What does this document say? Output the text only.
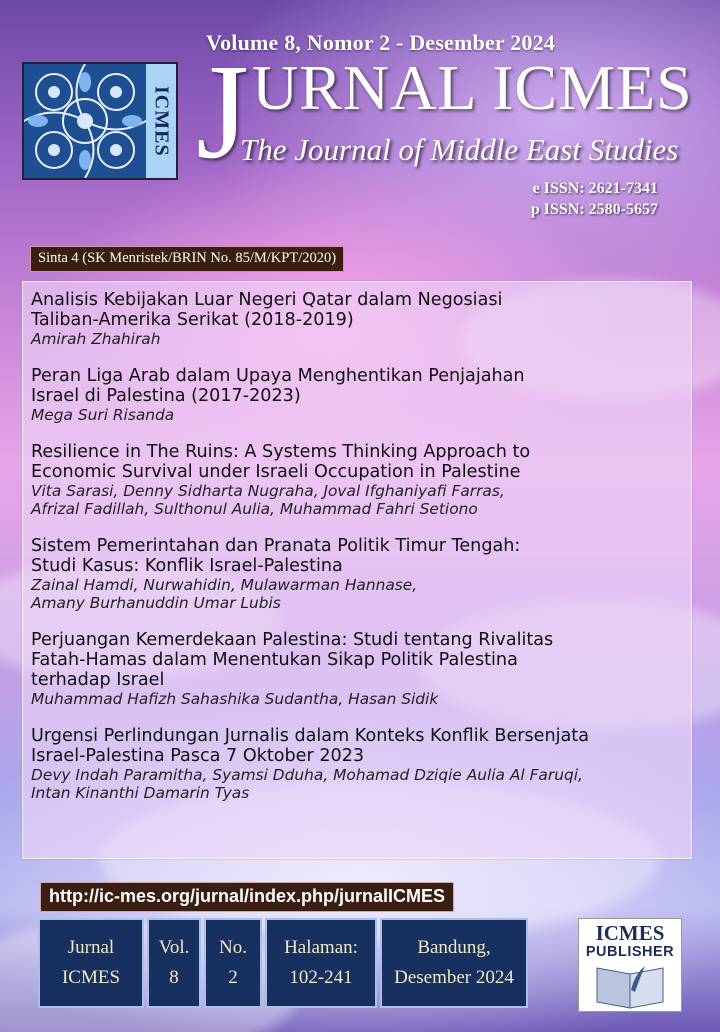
Volume 8, Nomor 2 - Desember 2024
ICMES J URNAL ICMES
The Journal of Middle East Studies
e ISSN: 2621-7341
p ISSN: 2580-5657
Sinta 4 (SK Menristek/BRIN No. 85/M/KPT/2020)
Analisis Kebijakan Luar Negeri Qatar dalam Negosiasi
Taliban-Amerika Serikat (2018-2019)
Amirah Zhahirah
Peran Liga Arab dalam Upaya Menghentikan Penjajahan
Israel di Palestina (2017-2023)
Mega Suri Risanda
Resilience in The Ruins: A Systems Thinking Approach to
Economic Survival under Israeli Occupation in Palestine
Vita Sarasi, Denny Sidharta Nugraha, Joval Ifghaniyafi Farras,
Afrizal Fadillah, Sulthonul Aulia, Muhammad Fahri Setiono
Sistem Pemerintahan dan Pranata Politik Timur Tengah:
Studi Kasus: Konflik Israel-Palestina
Zainal Hamdi, Nurwahidin, Mulawarman Hannase,
Amany Burhanuddin Umar Lubis
Perjuangan Kemerdekaan Palestina: Studi tentang Rivalitas
Fatah-Hamas dalam Menentukan Sikap Politik Palestina
terhadap Israel
Muhammad Hafizh Sahashika Sudantha, Hasan Sidik
Urgensi Perlindungan Jurnalis dalam Konteks Konflik Bersenjata
Israel-Palestina Pasca 7 Oktober 2023
Devy Indah Paramitha, Syamsi Dduha, Mohamad Dziqie Aulia Al Faruqi,
Intan Kinanthi Damarin Tyas
http://ic-mes.org/jurnal/index.php/jurnalICMES
Jurnal
ICMES
Vol.
8
No.
2
Halaman:
102-241
Bandung,
Desember 2024
ICMES
PUBLISHER
